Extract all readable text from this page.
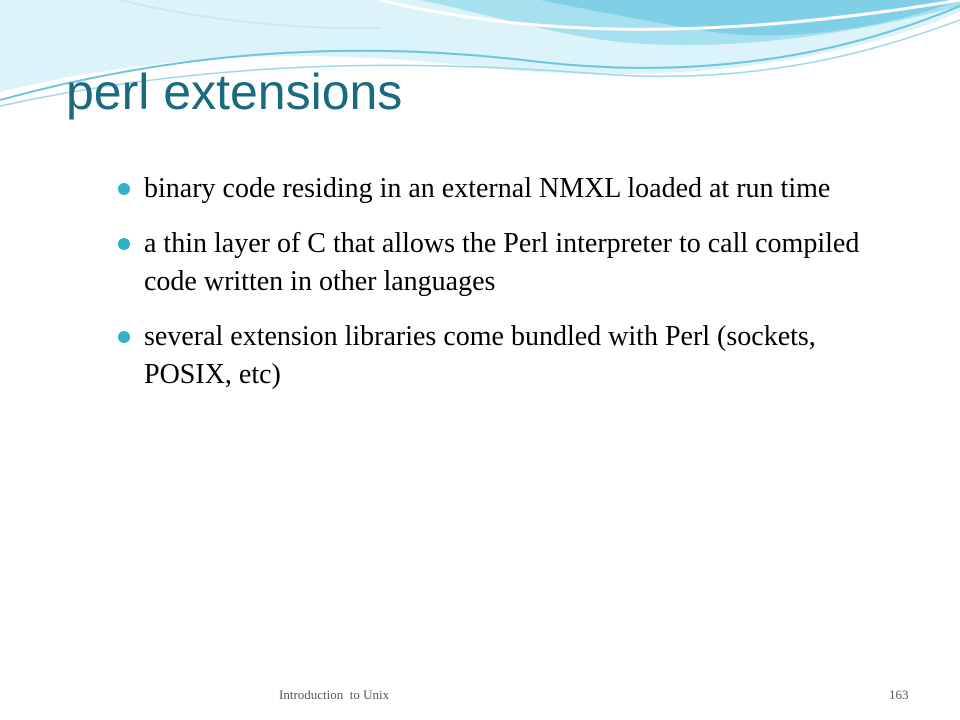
perl extensions
binary code residing in an external NMXL loaded at run time
a thin layer of C that allows the Perl interpreter to call compiled code written in other languages
several extension libraries come bundled with Perl (sockets, POSIX, etc)
Introduction  to Unix	163
